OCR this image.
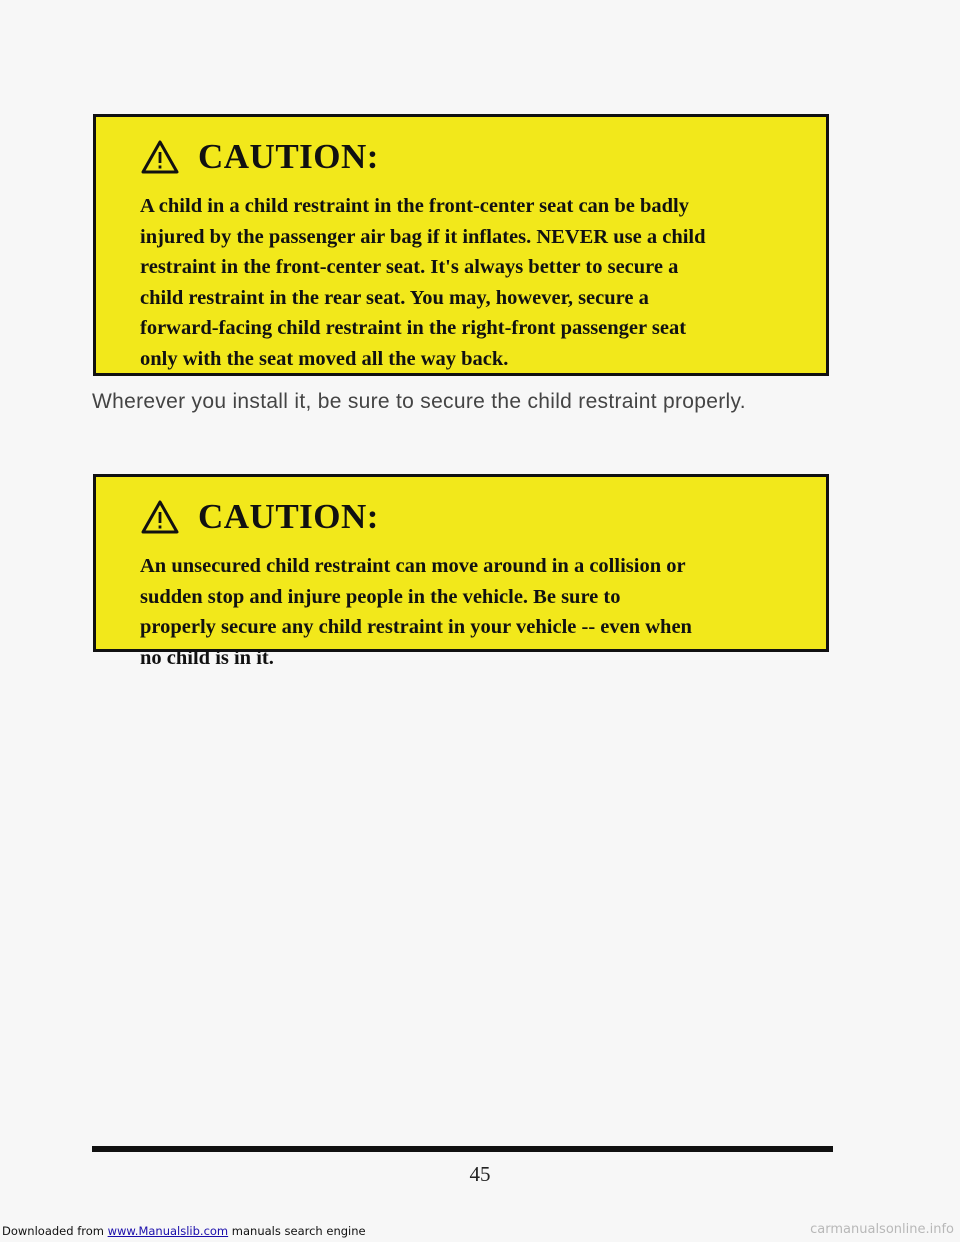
CAUTION:

A child in a child restraint in the front-center seat can be badly
injured by the passenger air bag if it inflates. NEVER use a child
restraint in the front-center seat. It's always better to secure a
child restraint in the rear seat. You may, however, secure a
forward-facing child restraint in the right-front passenger seat
only with the seat moved all the way back.

Wherever you install it, be sure to secure the child restraint properly.

CAUTION:

An unsecured child restraint can move around in a collision or
sudden stop and injure people in the vehicle. Be sure to
properly secure any child restraint in your vehicle -- even when
no child is in it.

45
Downloaded from www.Manualslib.com manuals search engine	carmanualsonline.info
